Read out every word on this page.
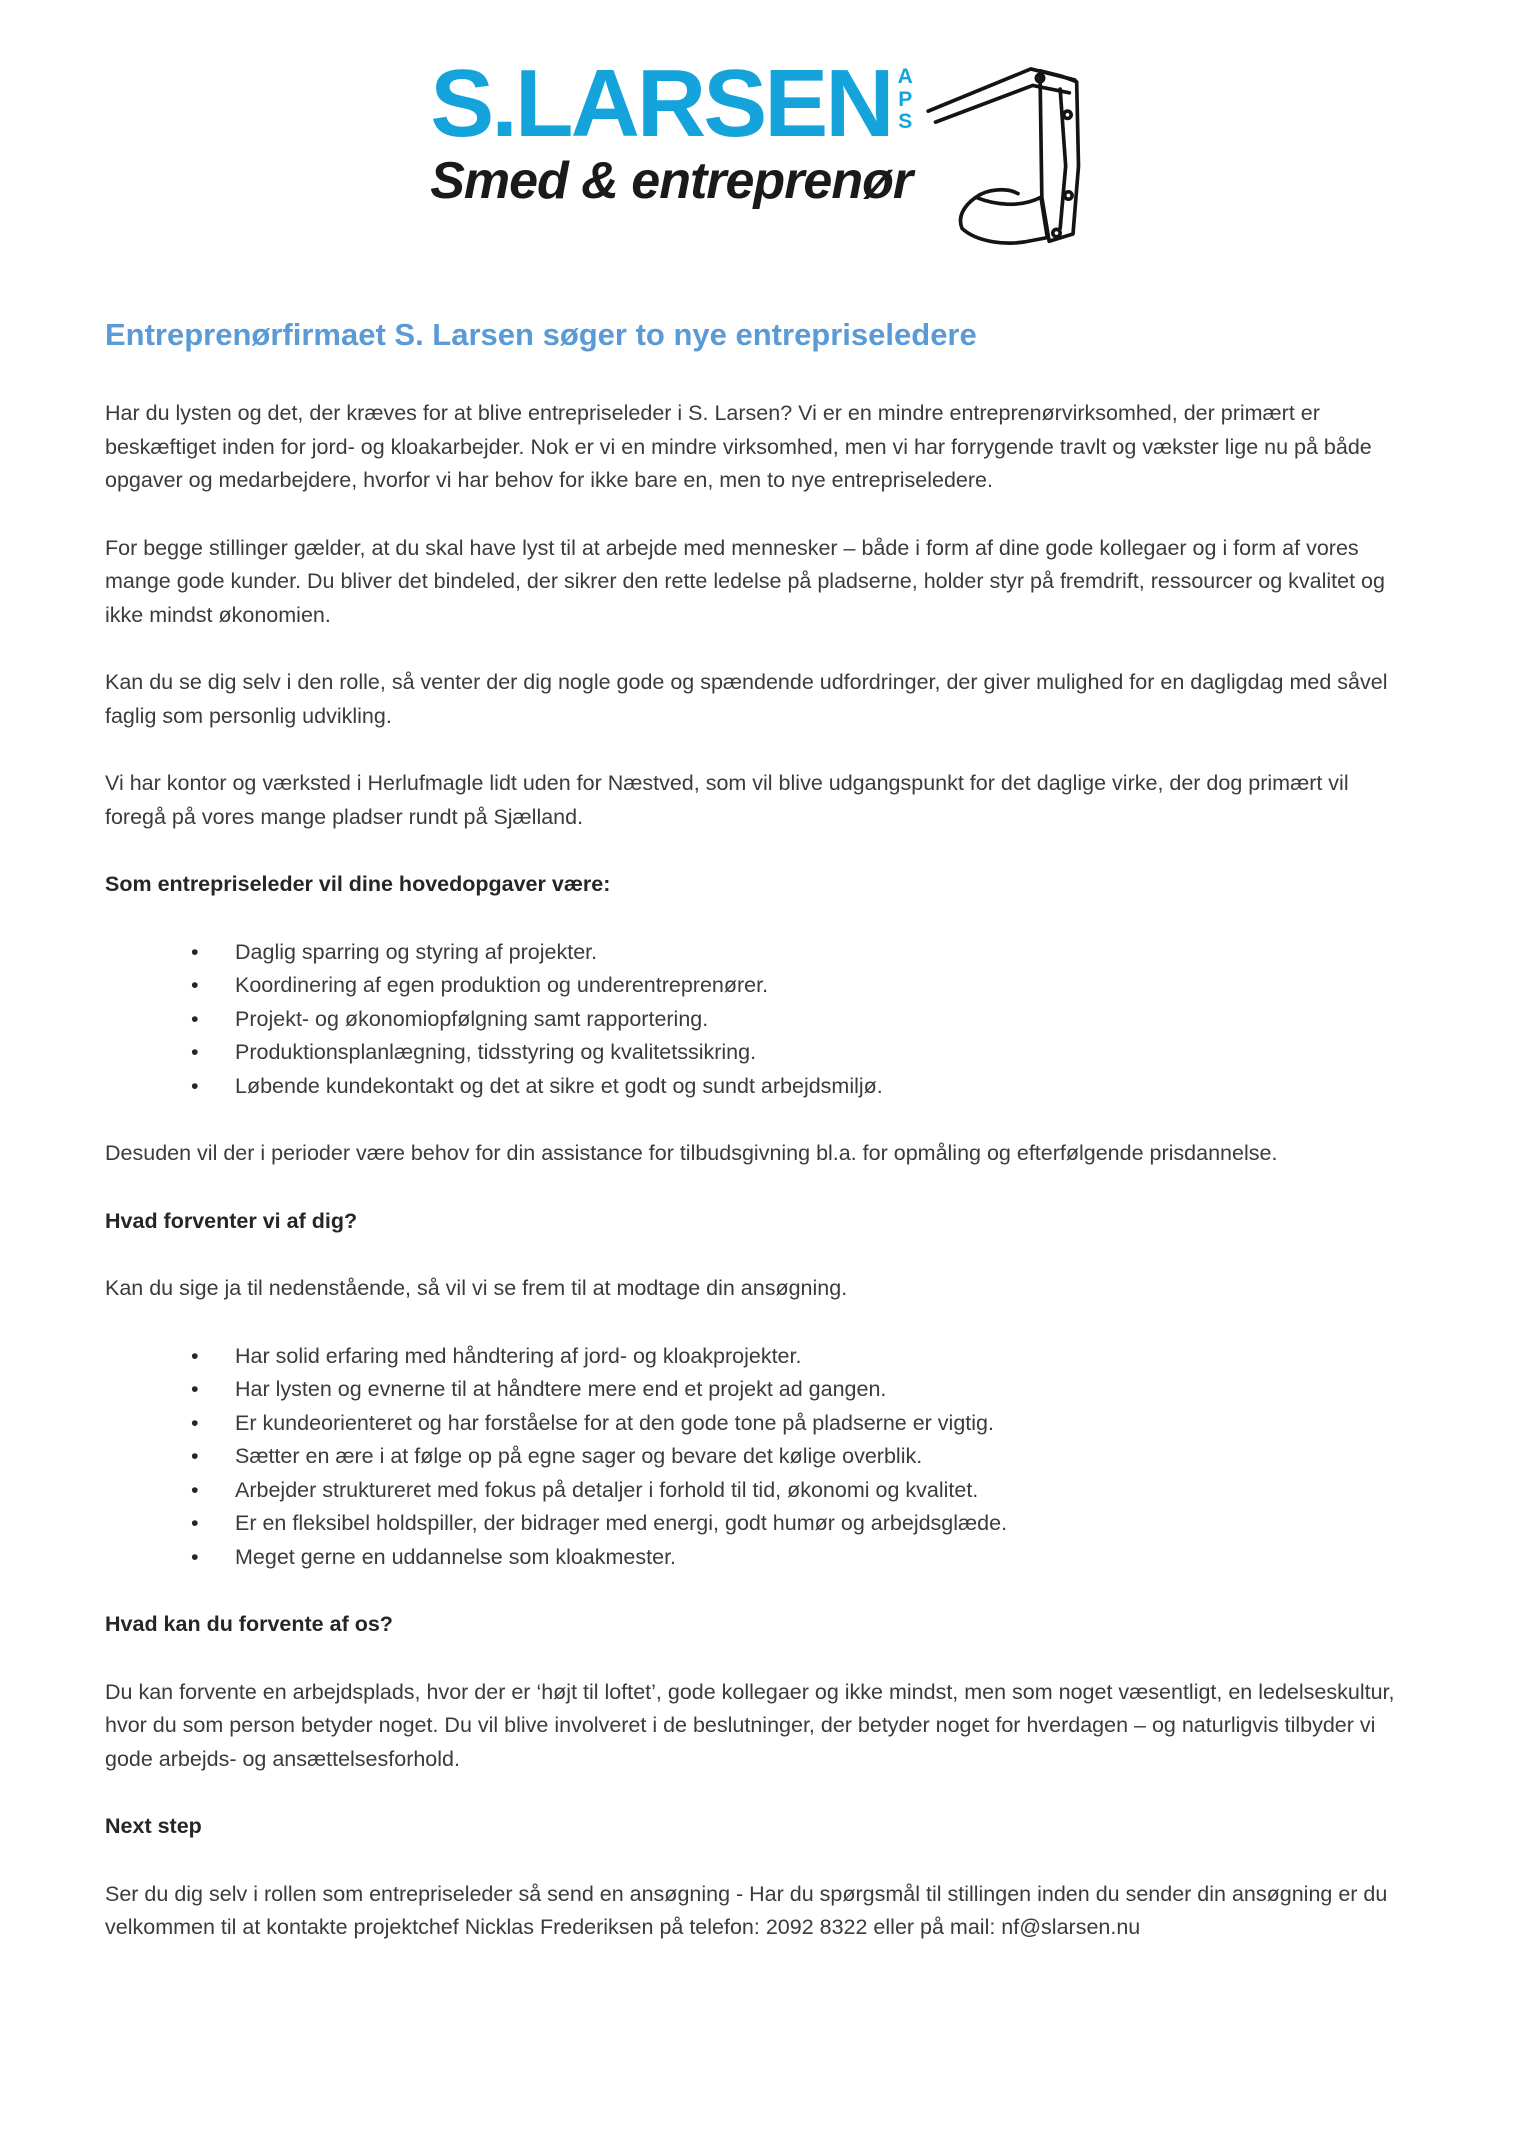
S.LARSEN A
P
S
Smed & entreprenør
Entreprenørfirmaet S. Larsen søger to nye entrepriseledere

Har du lysten og det, der kræves for at blive entrepriseleder i S. Larsen? Vi er en mindre entreprenørvirksomhed, der primært er beskæftiget inden for jord- og kloakarbejder. Nok er vi en mindre virksomhed, men vi har forrygende travlt og vækster lige nu på både opgaver og medarbejdere, hvorfor vi har behov for ikke bare en, men to nye entrepriseledere.

For begge stillinger gælder, at du skal have lyst til at arbejde med mennesker – både i form af dine gode kollegaer og i form af vores mange gode kunder. Du bliver det bindeled, der sikrer den rette ledelse på pladserne, holder styr på fremdrift, ressourcer og kvalitet og ikke mindst økonomien.

Kan du se dig selv i den rolle, så venter der dig nogle gode og spændende udfordringer, der giver mulighed for en dagligdag med såvel faglig som personlig udvikling.

Vi har kontor og værksted i Herlufmagle lidt uden for Næstved, som vil blive udgangspunkt for det daglige virke, der dog primært vil foregå på vores mange pladser rundt på Sjælland.

Som entrepriseleder vil dine hovedopgaver være:

• Daglig sparring og styring af projekter.
• Koordinering af egen produktion og underentreprenører.
• Projekt- og økonomiopfølgning samt rapportering.
• Produktionsplanlægning, tidsstyring og kvalitetssikring.
• Løbende kundekontakt og det at sikre et godt og sundt arbejdsmiljø.

Desuden vil der i perioder være behov for din assistance for tilbudsgivning bl.a. for opmåling og efterfølgende prisdannelse.

Hvad forventer vi af dig?

Kan du sige ja til nedenstående, så vil vi se frem til at modtage din ansøgning.

• Har solid erfaring med håndtering af jord- og kloakprojekter.
• Har lysten og evnerne til at håndtere mere end et projekt ad gangen.
• Er kundeorienteret og har forståelse for at den gode tone på pladserne er vigtig.
• Sætter en ære i at følge op på egne sager og bevare det kølige overblik.
• Arbejder struktureret med fokus på detaljer i forhold til tid, økonomi og kvalitet.
• Er en fleksibel holdspiller, der bidrager med energi, godt humør og arbejdsglæde.
• Meget gerne en uddannelse som kloakmester.

Hvad kan du forvente af os?

Du kan forvente en arbejdsplads, hvor der er ‘højt til loftet’, gode kollegaer og ikke mindst, men som noget væsentligt, en ledelseskultur, hvor du som person betyder noget. Du vil blive involveret i de beslutninger, der betyder noget for hverdagen – og naturligvis tilbyder vi gode arbejds- og ansættelsesforhold.

Next step

Ser du dig selv i rollen som entrepriseleder så send en ansøgning - Har du spørgsmål til stillingen inden du sender din ansøgning er du velkommen til at kontakte projektchef Nicklas Frederiksen på telefon: 2092 8322 eller på mail: nf@slarsen.nu
